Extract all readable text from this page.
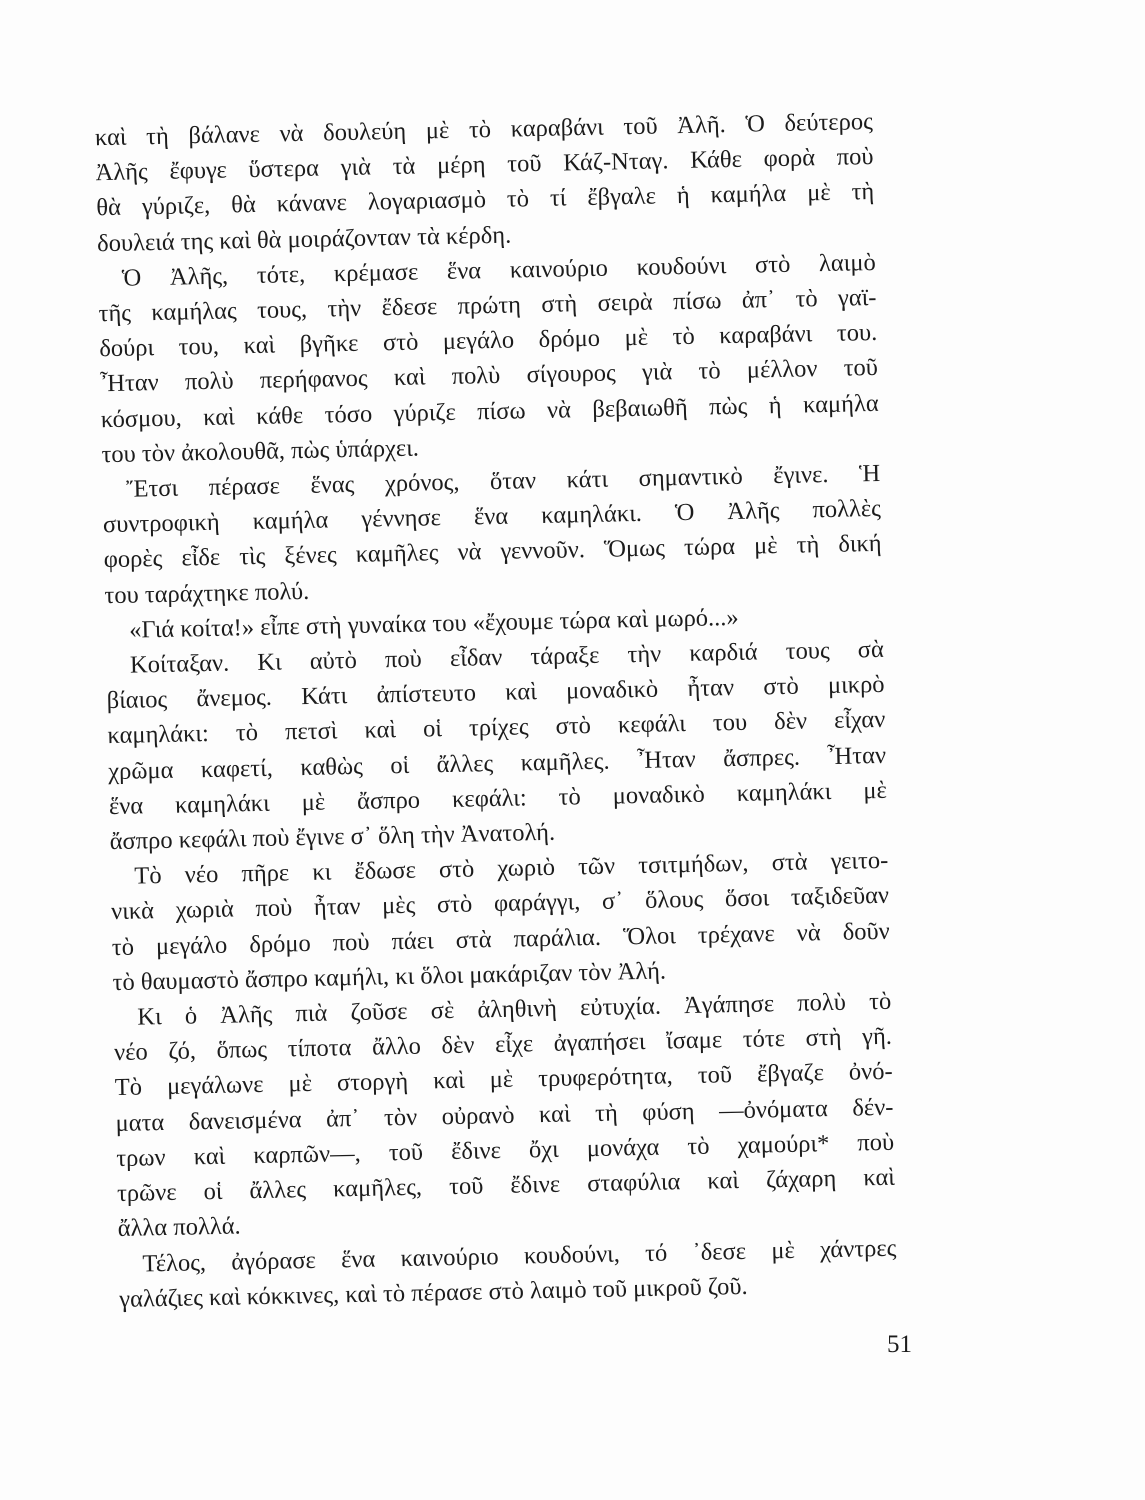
καὶ τὴ βάλανε νὰ δουλεύη μὲ τὸ καραβάνι τοῦ Ἀλῆ. Ὁ δεύτερος
Ἀλῆς ἔφυγε ὕστερα γιὰ τὰ μέρη τοῦ Κάζ-Νταγ. Κάθε φορὰ ποὺ
θὰ γύριζε, θὰ κάνανε λογαριασμὸ τὸ τί ἔβγαλε ἡ καμήλα μὲ τὴ
δουλειά της καὶ θὰ μοιράζονταν τὰ κέρδη.
Ὁ Ἀλῆς, τότε, κρέμασε ἕνα καινούριο κουδούνι στὸ λαιμὸ
τῆς καμήλας τους, τὴν ἔδεσε πρώτη στὴ σειρὰ πίσω ἀπ᾿ τὸ γαϊ-
δούρι του, καὶ βγῆκε στὸ μεγάλο δρόμο μὲ τὸ καραβάνι του.
Ἦταν πολὺ περήφανος καὶ πολὺ σίγουρος γιὰ τὸ μέλλον τοῦ
κόσμου, καὶ κάθε τόσο γύριζε πίσω νὰ βεβαιωθῆ πὼς ἡ καμήλα
του τὸν ἀκολουθᾶ, πὼς ὑπάρχει.
Ἔτσι πέρασε ἕνας χρόνος, ὅταν κάτι σημαντικὸ ἔγινε. Ἡ
συντροφικὴ καμήλα γέννησε ἕνα καμηλάκι. Ὁ Ἀλῆς πολλὲς
φορὲς εἶδε τὶς ξένες καμῆλες νὰ γεννοῦν. Ὅμως τώρα μὲ τὴ δική
του ταράχτηκε πολύ.
«Γιά κοίτα!» εἶπε στὴ γυναίκα του «ἔχουμε τώρα καὶ μωρό...»
Κοίταξαν. Κι αὐτὸ ποὺ εἶδαν τάραξε τὴν καρδιά τους σὰ
βίαιος ἄνεμος. Κάτι ἀπίστευτο καὶ μοναδικὸ ἦταν στὸ μικρὸ
καμηλάκι: τὸ πετσὶ καὶ οἱ τρίχες στὸ κεφάλι του δὲν εἶχαν
χρῶμα καφετί, καθὼς οἱ ἄλλες καμῆλες. Ἦταν ἄσπρες. Ἦταν
ἕνα καμηλάκι μὲ ἄσπρο κεφάλι: τὸ μοναδικὸ καμηλάκι μὲ
ἄσπρο κεφάλι ποὺ ἔγινε σ᾿ ὅλη τὴν Ἀνατολή.
Τὸ νέο πῆρε κι ἔδωσε στὸ χωριὸ τῶν τσιτμήδων, στὰ γειτο-
νικὰ χωριὰ ποὺ ἦταν μὲς στὸ φαράγγι, σ᾿ ὅλους ὅσοι ταξιδεῦαν
τὸ μεγάλο δρόμο ποὺ πάει στὰ παράλια. Ὅλοι τρέχανε νὰ δοῦν
τὸ θαυμαστὸ ἄσπρο καμήλι, κι ὅλοι μακάριζαν τὸν Ἀλή.
Κι ὁ Ἀλῆς πιὰ ζοῦσε σὲ ἀληθινὴ εὐτυχία. Ἀγάπησε πολὺ τὸ
νέο ζό, ὅπως τίποτα ἄλλο δὲν εἶχε ἀγαπήσει ἴσαμε τότε στὴ γῆ.
Τὸ μεγάλωνε μὲ στοργὴ καὶ μὲ τρυφερότητα, τοῦ ἔβγαζε ὀνό-
ματα δανεισμένα ἀπ᾿ τὸν οὐρανὸ καὶ τὴ φύση —ὀνόματα δέν-
τρων καὶ καρπῶν—, τοῦ ἔδινε ὄχι μονάχα τὸ χαμούρι* ποὺ
τρῶνε οἱ ἄλλες καμῆλες, τοῦ ἔδινε σταφύλια καὶ ζάχαρη καὶ
ἄλλα πολλά.
Τέλος, ἀγόρασε ἕνα καινούριο κουδούνι, τό ᾿δεσε μὲ χάντρες
γαλάζιες καὶ κόκκινες, καὶ τὸ πέρασε στὸ λαιμὸ τοῦ μικροῦ ζοῦ.
51
